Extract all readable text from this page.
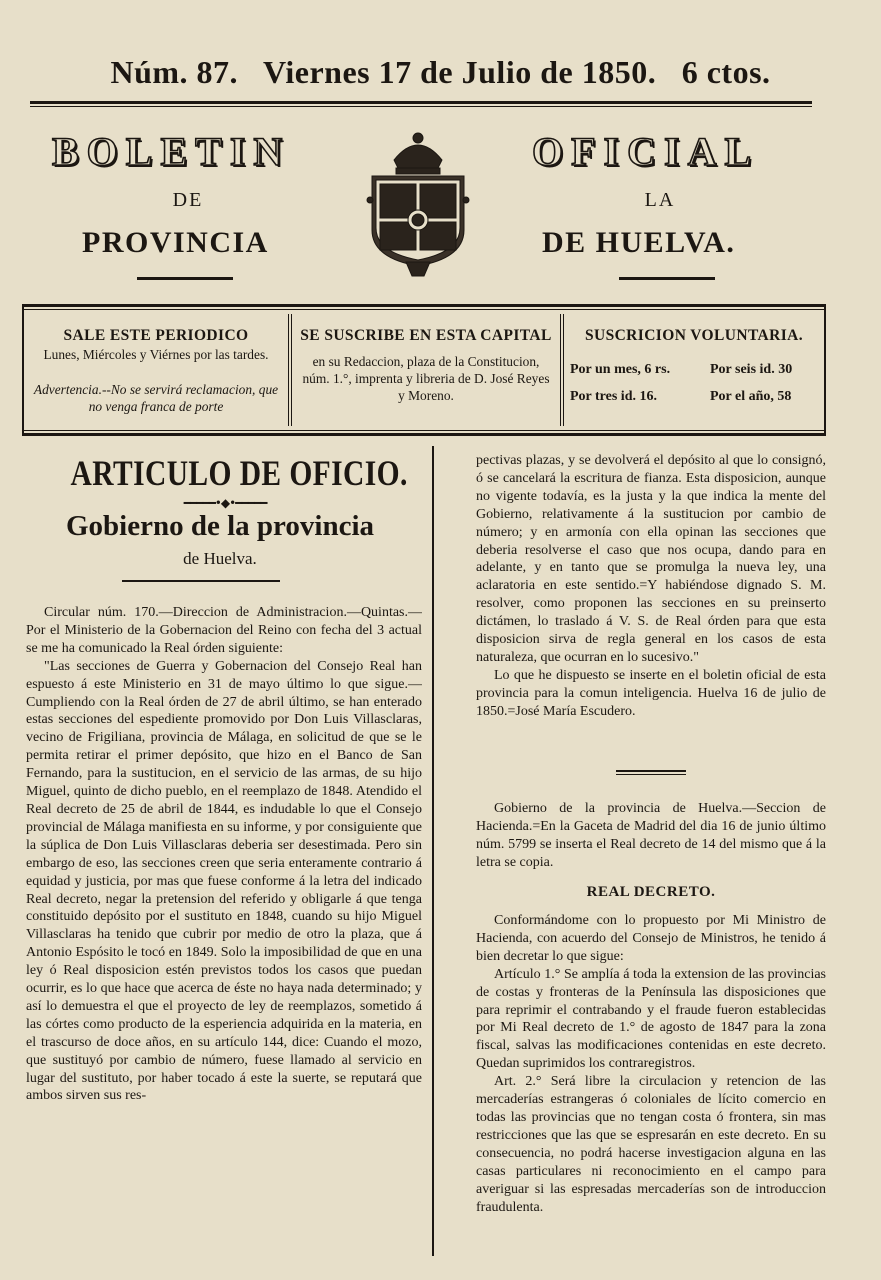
Núm. 87. Viernes 17 de Julio de 1850. 6 ctos.
BOLETIN	OFICIAL
DE	LA
PROVINCIA	DE HUELVA.
SALE ESTE PERIODICO
Lunes, Miércoles y Viérnes por las tardes.
Advertencia.--No se servirá reclamacion, que no venga franca de porte
SE SUSCRIBE EN ESTA CAPITAL
en su Redaccion, plaza de la Constitucion, núm. 1.°, imprenta y libreria de D. José Reyes y Moreno.
SUSCRICION VOLUNTARIA.
Por un mes, 6 rs.	Por seis id. 30
Por tres id. 16.	Por el año, 58
ARTICULO DE OFICIO.
━━━━━•◆•━━━━━
Gobierno de la provincia
de Huelva.

Circular núm. 170.—Direccion de Administracion.—Quintas.—Por el Ministerio de la Gobernacion del Reino con fecha del 3 actual se me ha comunicado la Real órden siguiente:

"Las secciones de Guerra y Gobernacion del Consejo Real han espuesto á este Ministerio en 31 de mayo último lo que sigue.—Cumpliendo con la Real órden de 27 de abril último, se han enterado estas secciones del espediente promovido por Don Luis Villasclaras, vecino de Frigiliana, provincia de Málaga, en solicitud de que se le permita retirar el primer depósito, que hizo en el Banco de San Fernando, para la sustitucion, en el servicio de las armas, de su hijo Miguel, quinto de dicho pueblo, en el reemplazo de 1848. Atendido el Real decreto de 25 de abril de 1844, es indudable lo que el Consejo provincial de Málaga manifiesta en su informe, y por consiguiente que la súplica de Don Luis Villasclaras deberia ser desestimada. Pero sin embargo de eso, las secciones creen que seria enteramente contrario á equidad y justicia, por mas que fuese conforme á la letra del indicado Real decreto, negar la pretension del referido y obligarle á que tenga constituido depósito por el sustituto en 1848, cuando su hijo Miguel Villasclaras ha tenido que cubrir por medio de otro la plaza, que á Antonio Espósito le tocó en 1849. Solo la imposibilidad de que en una ley ó Real disposicion estén previstos todos los casos que puedan ocurrir, es lo que hace que acerca de éste no haya nada determinado; y así lo demuestra el que el proyecto de ley de reemplazos, sometido á las córtes como producto de la esperiencia adquirida en la materia, en el trascurso de doce años, en su artículo 144, dice: Cuando el mozo, que sustituyó por cambio de número, fuese llamado al servicio en lugar del sustituto, por haber tocado á este la suerte, se reputará que ambos sirven sus res-

pectivas plazas, y se devolverá el depósito al que lo consignó, ó se cancelará la escritura de fianza. Esta disposicion, aunque no vigente todavía, es la justa y la que indica la mente del Gobierno, relativamente á la sustitucion por cambio de número; y en armonía con ella opinan las secciones que deberia resolverse el caso que nos ocupa, dando para en adelante, y en tanto que se promulga la nueva ley, una aclaratoria en este sentido.=Y habiéndose dignado S. M. resolver, como proponen las secciones en su preinserto dictámen, lo traslado á V. S. de Real órden para que esta disposicion sirva de regla general en los casos de esta naturaleza, que ocurran en lo sucesivo."

Lo que he dispuesto se inserte en el boletin oficial de esta provincia para la comun inteligencia. Huelva 16 de julio de 1850.=José María Escudero.

Gobierno de la provincia de Huelva.—Seccion de Hacienda.=En la Gaceta de Madrid del dia 16 de junio último núm. 5799 se inserta el Real decreto de 14 del mismo que á la letra se copia.

REAL DECRETO.

Conformándome con lo propuesto por Mi Ministro de Hacienda, con acuerdo del Consejo de Ministros, he tenido á bien decretar lo que sigue:

Artículo 1.° Se amplía á toda la extension de las provincias de costas y fronteras de la Península las disposiciones que para reprimir el contrabando y el fraude fueron establecidas por Mi Real decreto de 1.° de agosto de 1847 para la zona fiscal, salvas las modificaciones contenidas en este decreto. Quedan suprimidos los contraregistros.

Art. 2.° Será libre la circulacion y retencion de las mercaderías estrangeras ó coloniales de lícito comercio en todas las provincias que no tengan costa ó frontera, sin mas restricciones que las que se espresarán en este decreto. En su consecuencia, no podrá hacerse investigacion alguna en las casas particulares ni reconocimiento en el campo para averiguar si las espresadas mercaderías son de introduccion fraudulenta.
